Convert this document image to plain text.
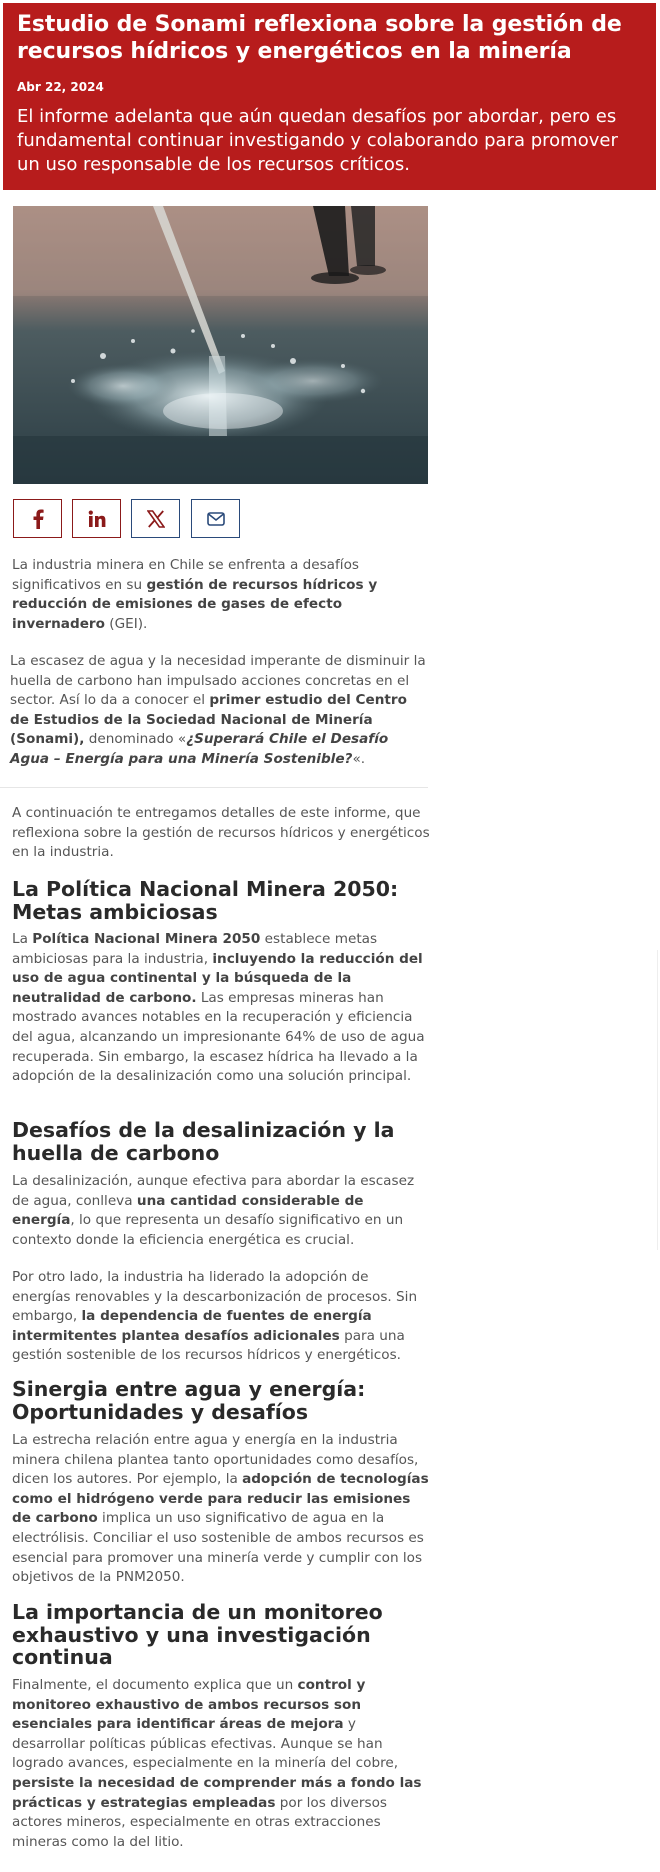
Estudio de Sonami reflexiona sobre la gestión de recursos hídricos y energéticos en la minería
Abr 22, 2024
El informe adelanta que aún quedan desafíos por abordar, pero es fundamental continuar investigando y colaborando para promover un uso responsable de los recursos críticos.

La industria minera en Chile se enfrenta a desafíos significativos en su gestión de recursos hídricos y reducción de emisiones de gases de efecto invernadero (GEI).

La escasez de agua y la necesidad imperante de disminuir la huella de carbono han impulsado acciones concretas en el sector. Así lo da a conocer el primer estudio del Centro de Estudios de la Sociedad Nacional de Minería (Sonami), denominado «¿Superará Chile el Desafío Agua – Energía para una Minería Sostenible?«.

A continuación te entregamos detalles de este informe, que reflexiona sobre la gestión de recursos hídricos y energéticos en la industria.

La Política Nacional Minera 2050: Metas ambiciosas

La Política Nacional Minera 2050 establece metas ambiciosas para la industria, incluyendo la reducción del uso de agua continental y la búsqueda de la neutralidad de carbono. Las empresas mineras han mostrado avances notables en la recuperación y eficiencia del agua, alcanzando un impresionante 64% de uso de agua recuperada. Sin embargo, la escasez hídrica ha llevado a la adopción de la desalinización como una solución principal.

Desafíos de la desalinización y la huella de carbono

La desalinización, aunque efectiva para abordar la escasez de agua, conlleva una cantidad considerable de energía, lo que representa un desafío significativo en un contexto donde la eficiencia energética es crucial.

Por otro lado, la industria ha liderado la adopción de energías renovables y la descarbonización de procesos. Sin embargo, la dependencia de fuentes de energía intermitentes plantea desafíos adicionales para una gestión sostenible de los recursos hídricos y energéticos.

Sinergia entre agua y energía: Oportunidades y desafíos

La estrecha relación entre agua y energía en la industria minera chilena plantea tanto oportunidades como desafíos, dicen los autores. Por ejemplo, la adopción de tecnologías como el hidrógeno verde para reducir las emisiones de carbono implica un uso significativo de agua en la electrólisis. Conciliar el uso sostenible de ambos recursos es esencial para promover una minería verde y cumplir con los objetivos de la PNM2050.

La importancia de un monitoreo exhaustivo y una investigación continua

Finalmente, el documento explica que un control y monitoreo exhaustivo de ambos recursos son esenciales para identificar áreas de mejora y desarrollar políticas públicas efectivas. Aunque se han logrado avances, especialmente en la minería del cobre, persiste la necesidad de comprender más a fondo las prácticas y estrategias empleadas por los diversos actores mineros, especialmente en otras extracciones mineras como la del litio.
